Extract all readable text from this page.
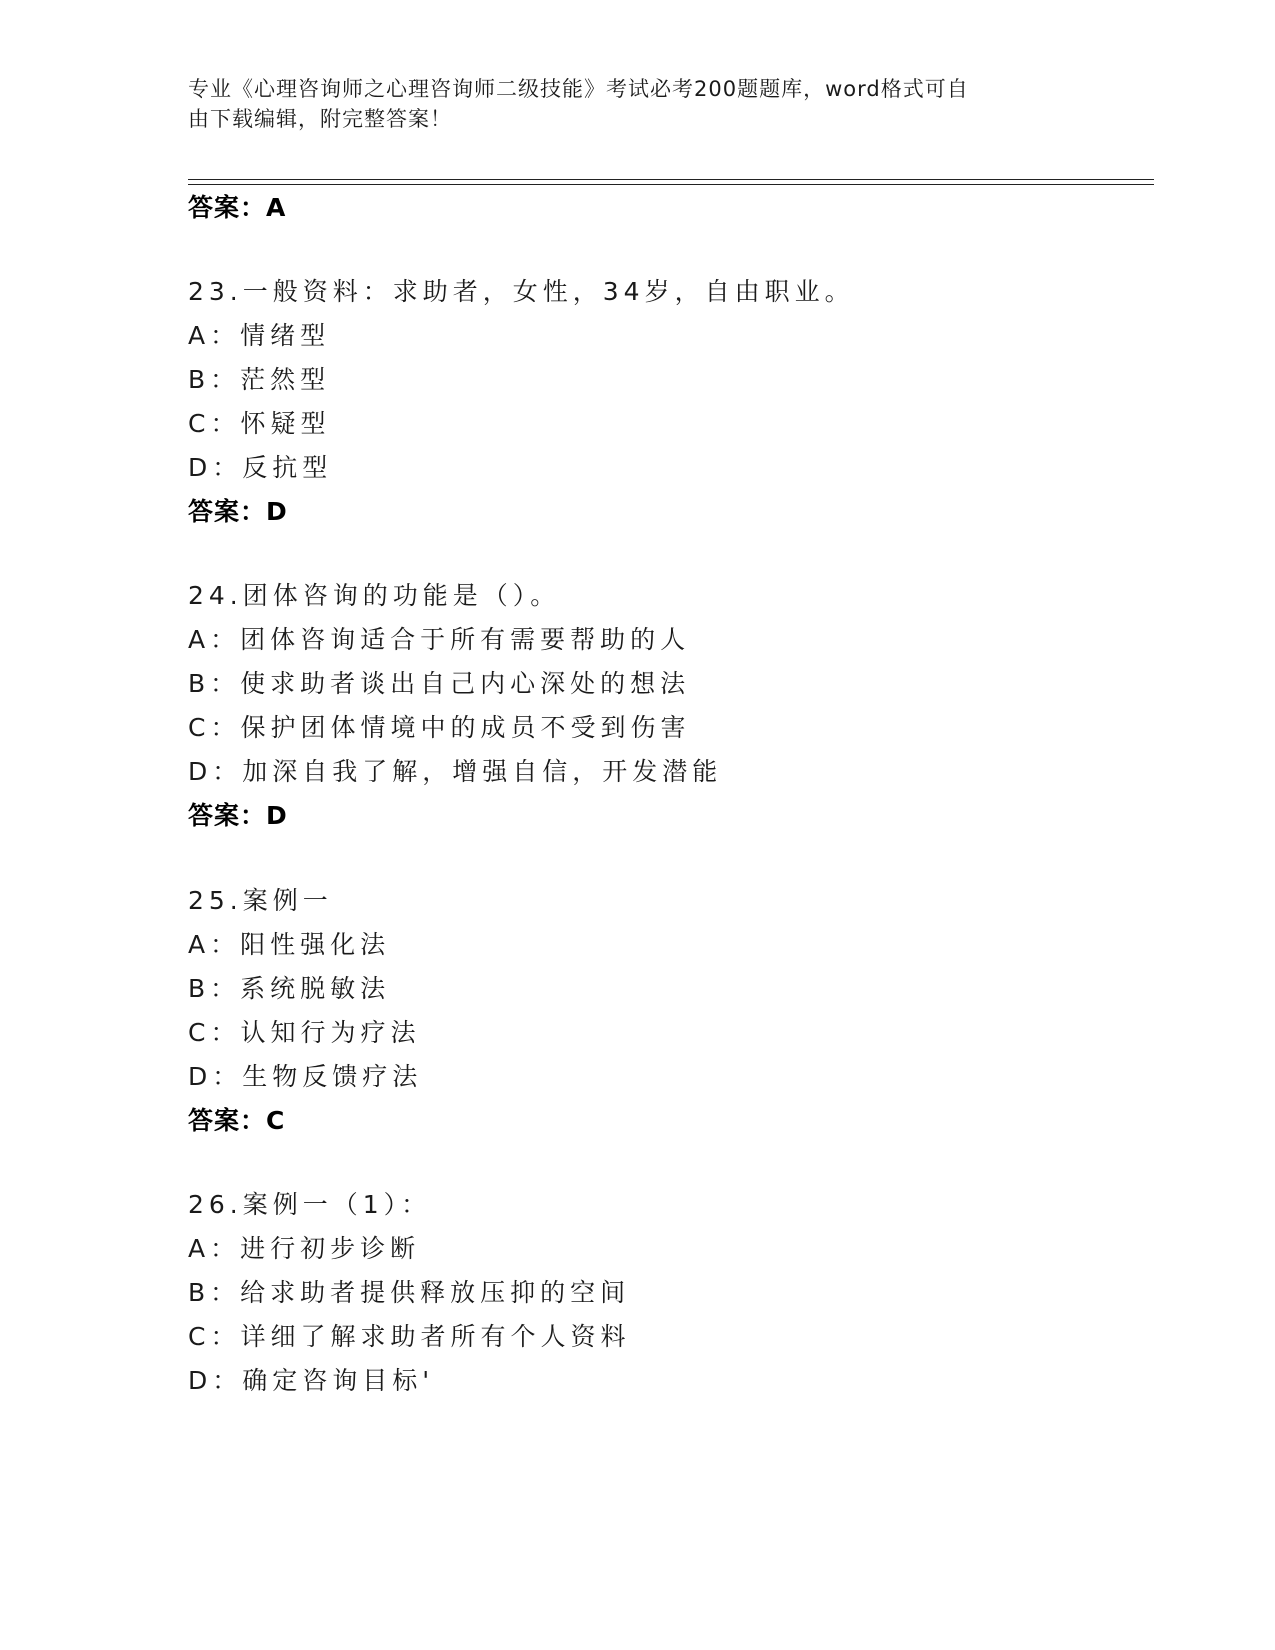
专业《心理咨询师之心理咨询师二级技能》考试必考200题题库，word格式可自
由下载编辑，附完整答案！
答案：A
23.一般资料：求助者，女性，34岁，自由职业。
A：情绪型
B：茫然型
C：怀疑型
D：反抗型
答案：D
24.团体咨询的功能是（）。
A：团体咨询适合于所有需要帮助的人
B：使求助者谈出自己内心深处的想法
C：保护团体情境中的成员不受到伤害
D：加深自我了解，增强自信，开发潜能
答案：D
25.案例一
A：阳性强化法
B：系统脱敏法
C：认知行为疗法
D：生物反馈疗法
答案：C
26.案例一（1）：
A：进行初步诊断
B：给求助者提供释放压抑的空间
C：详细了解求助者所有个人资料
D：确定咨询目标'
